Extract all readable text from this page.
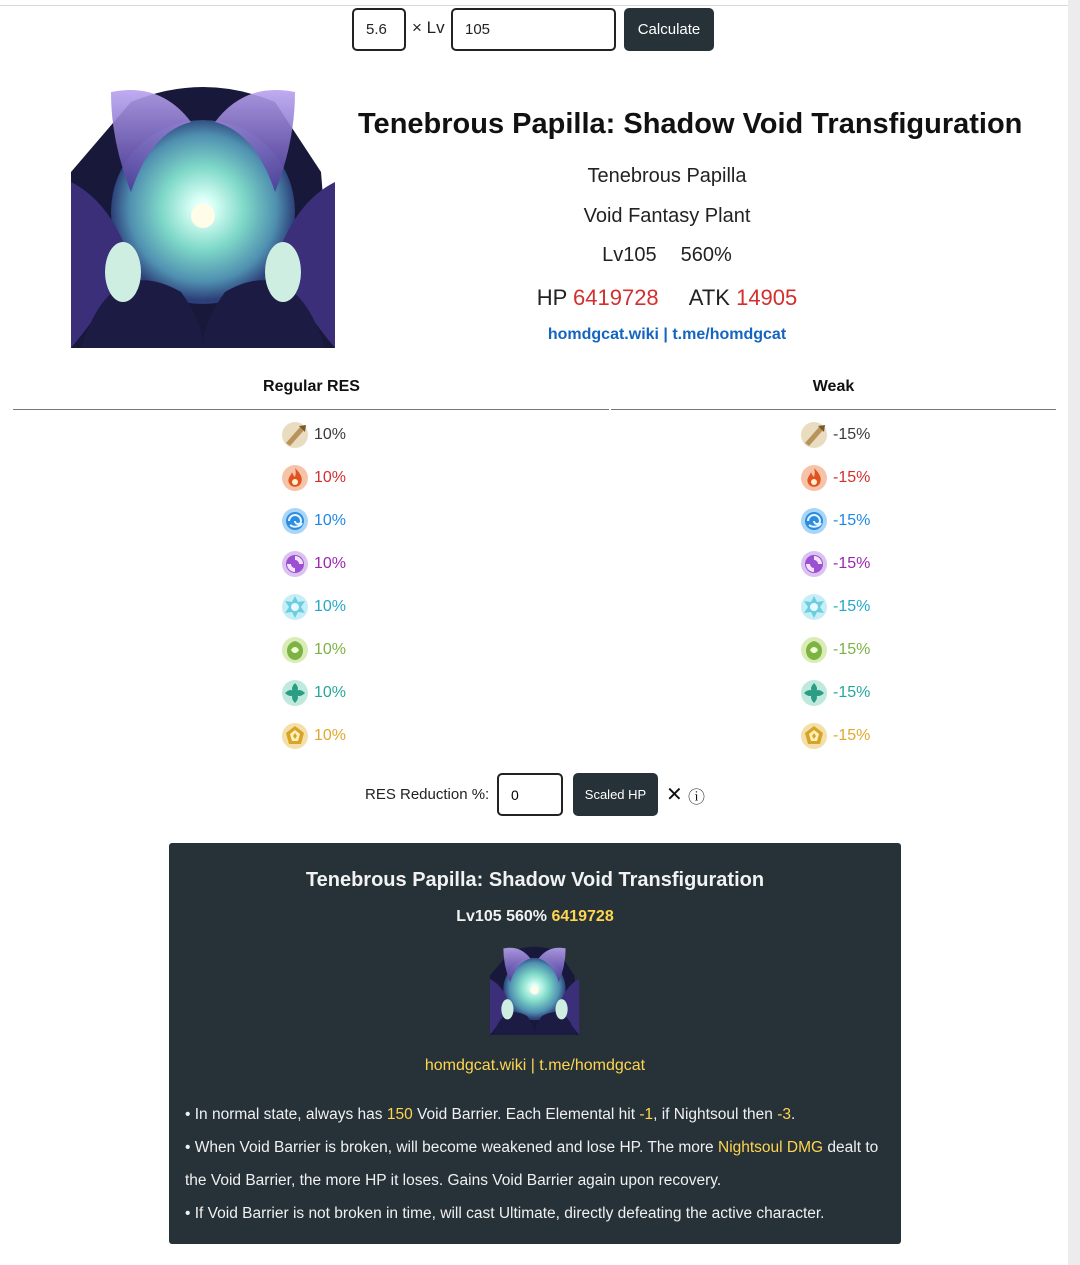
5.6
× Lv
105	Calculate
Tenebrous Papilla: Shadow Void Transfiguration
Tenebrous Papilla
Void Fantasy Plant
Lv105 560%
HP 6419728 ATK 14905
homdgcat.wiki | t.me/homdgcat
Regular RES	Weak
10%	-15%
10%	-15%
10%	-15%
10%	-15%
10%	-15%
10%	-15%
10%	-15%
10%	-15%
RES Reduction %:
0	Scaled HP ✕ ⓘ
Tenebrous Papilla: Shadow Void Transfiguration
Lv105 560% 6419728
homdgcat.wiki | t.me/homdgcat

• In normal state, always has 150 Void Barrier. Each Elemental hit -1, if Nightsoul then -3.

• When Void Barrier is broken, will become weakened and lose HP. The more Nightsoul DMG dealt to the Void Barrier, the more HP it loses. Gains Void Barrier again upon recovery.

• If Void Barrier is not broken in time, will cast Ultimate, directly defeating the active character.
